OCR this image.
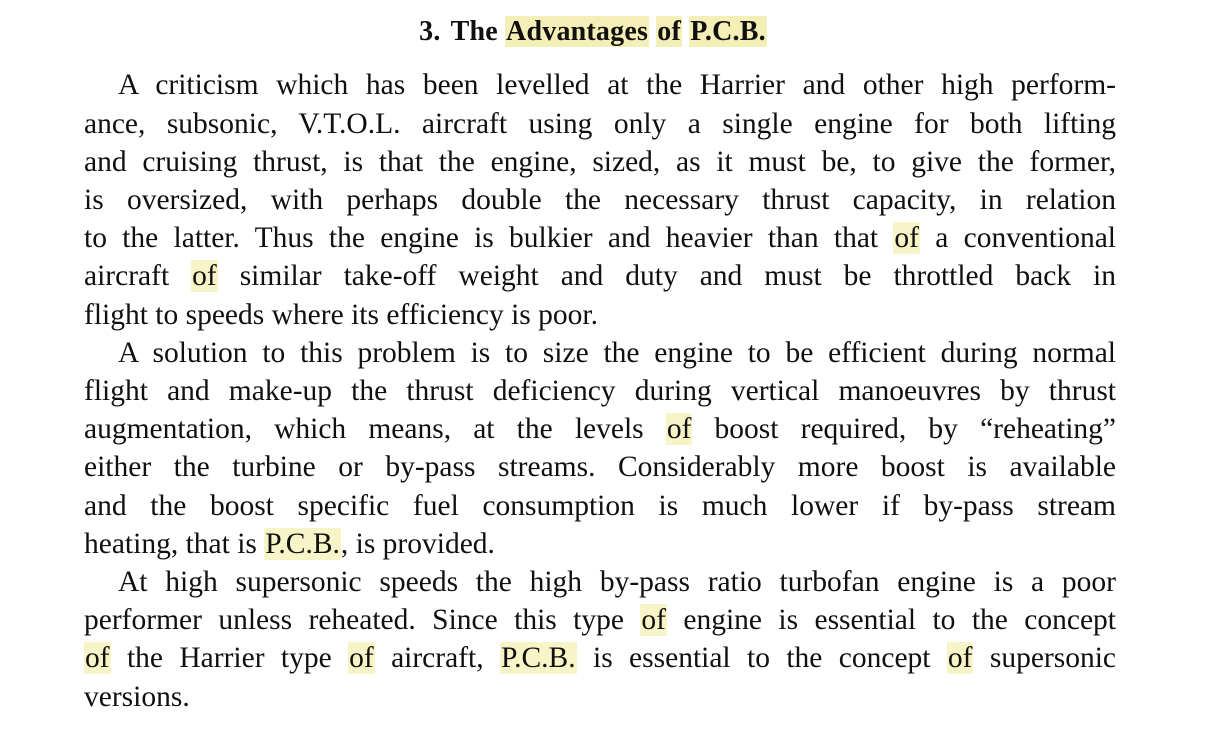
3. The Advantages of P.C.B.

A criticism which has been levelled at the Harrier and other high perform-
ance, subsonic, V.T.O.L. aircraft using only a single engine for both lifting
and cruising thrust, is that the engine, sized, as it must be, to give the former,
is oversized, with perhaps double the necessary thrust capacity, in relation
to the latter. Thus the engine is bulkier and heavier than that of a conventional
aircraft of similar take-off weight and duty and must be throttled back in
flight to speeds where its efficiency is poor.

A solution to this problem is to size the engine to be efficient during normal
flight and make-up the thrust deficiency during vertical manoeuvres by thrust
augmentation, which means, at the levels of boost required, by “reheating”
either the turbine or by-pass streams. Considerably more boost is available
and the boost specific fuel consumption is much lower if by-pass stream
heating, that is P.C.B., is provided.

At high supersonic speeds the high by-pass ratio turbofan engine is a poor
performer unless reheated. Since this type of engine is essential to the concept
of the Harrier type of aircraft, P.C.B. is essential to the concept of supersonic
versions.
